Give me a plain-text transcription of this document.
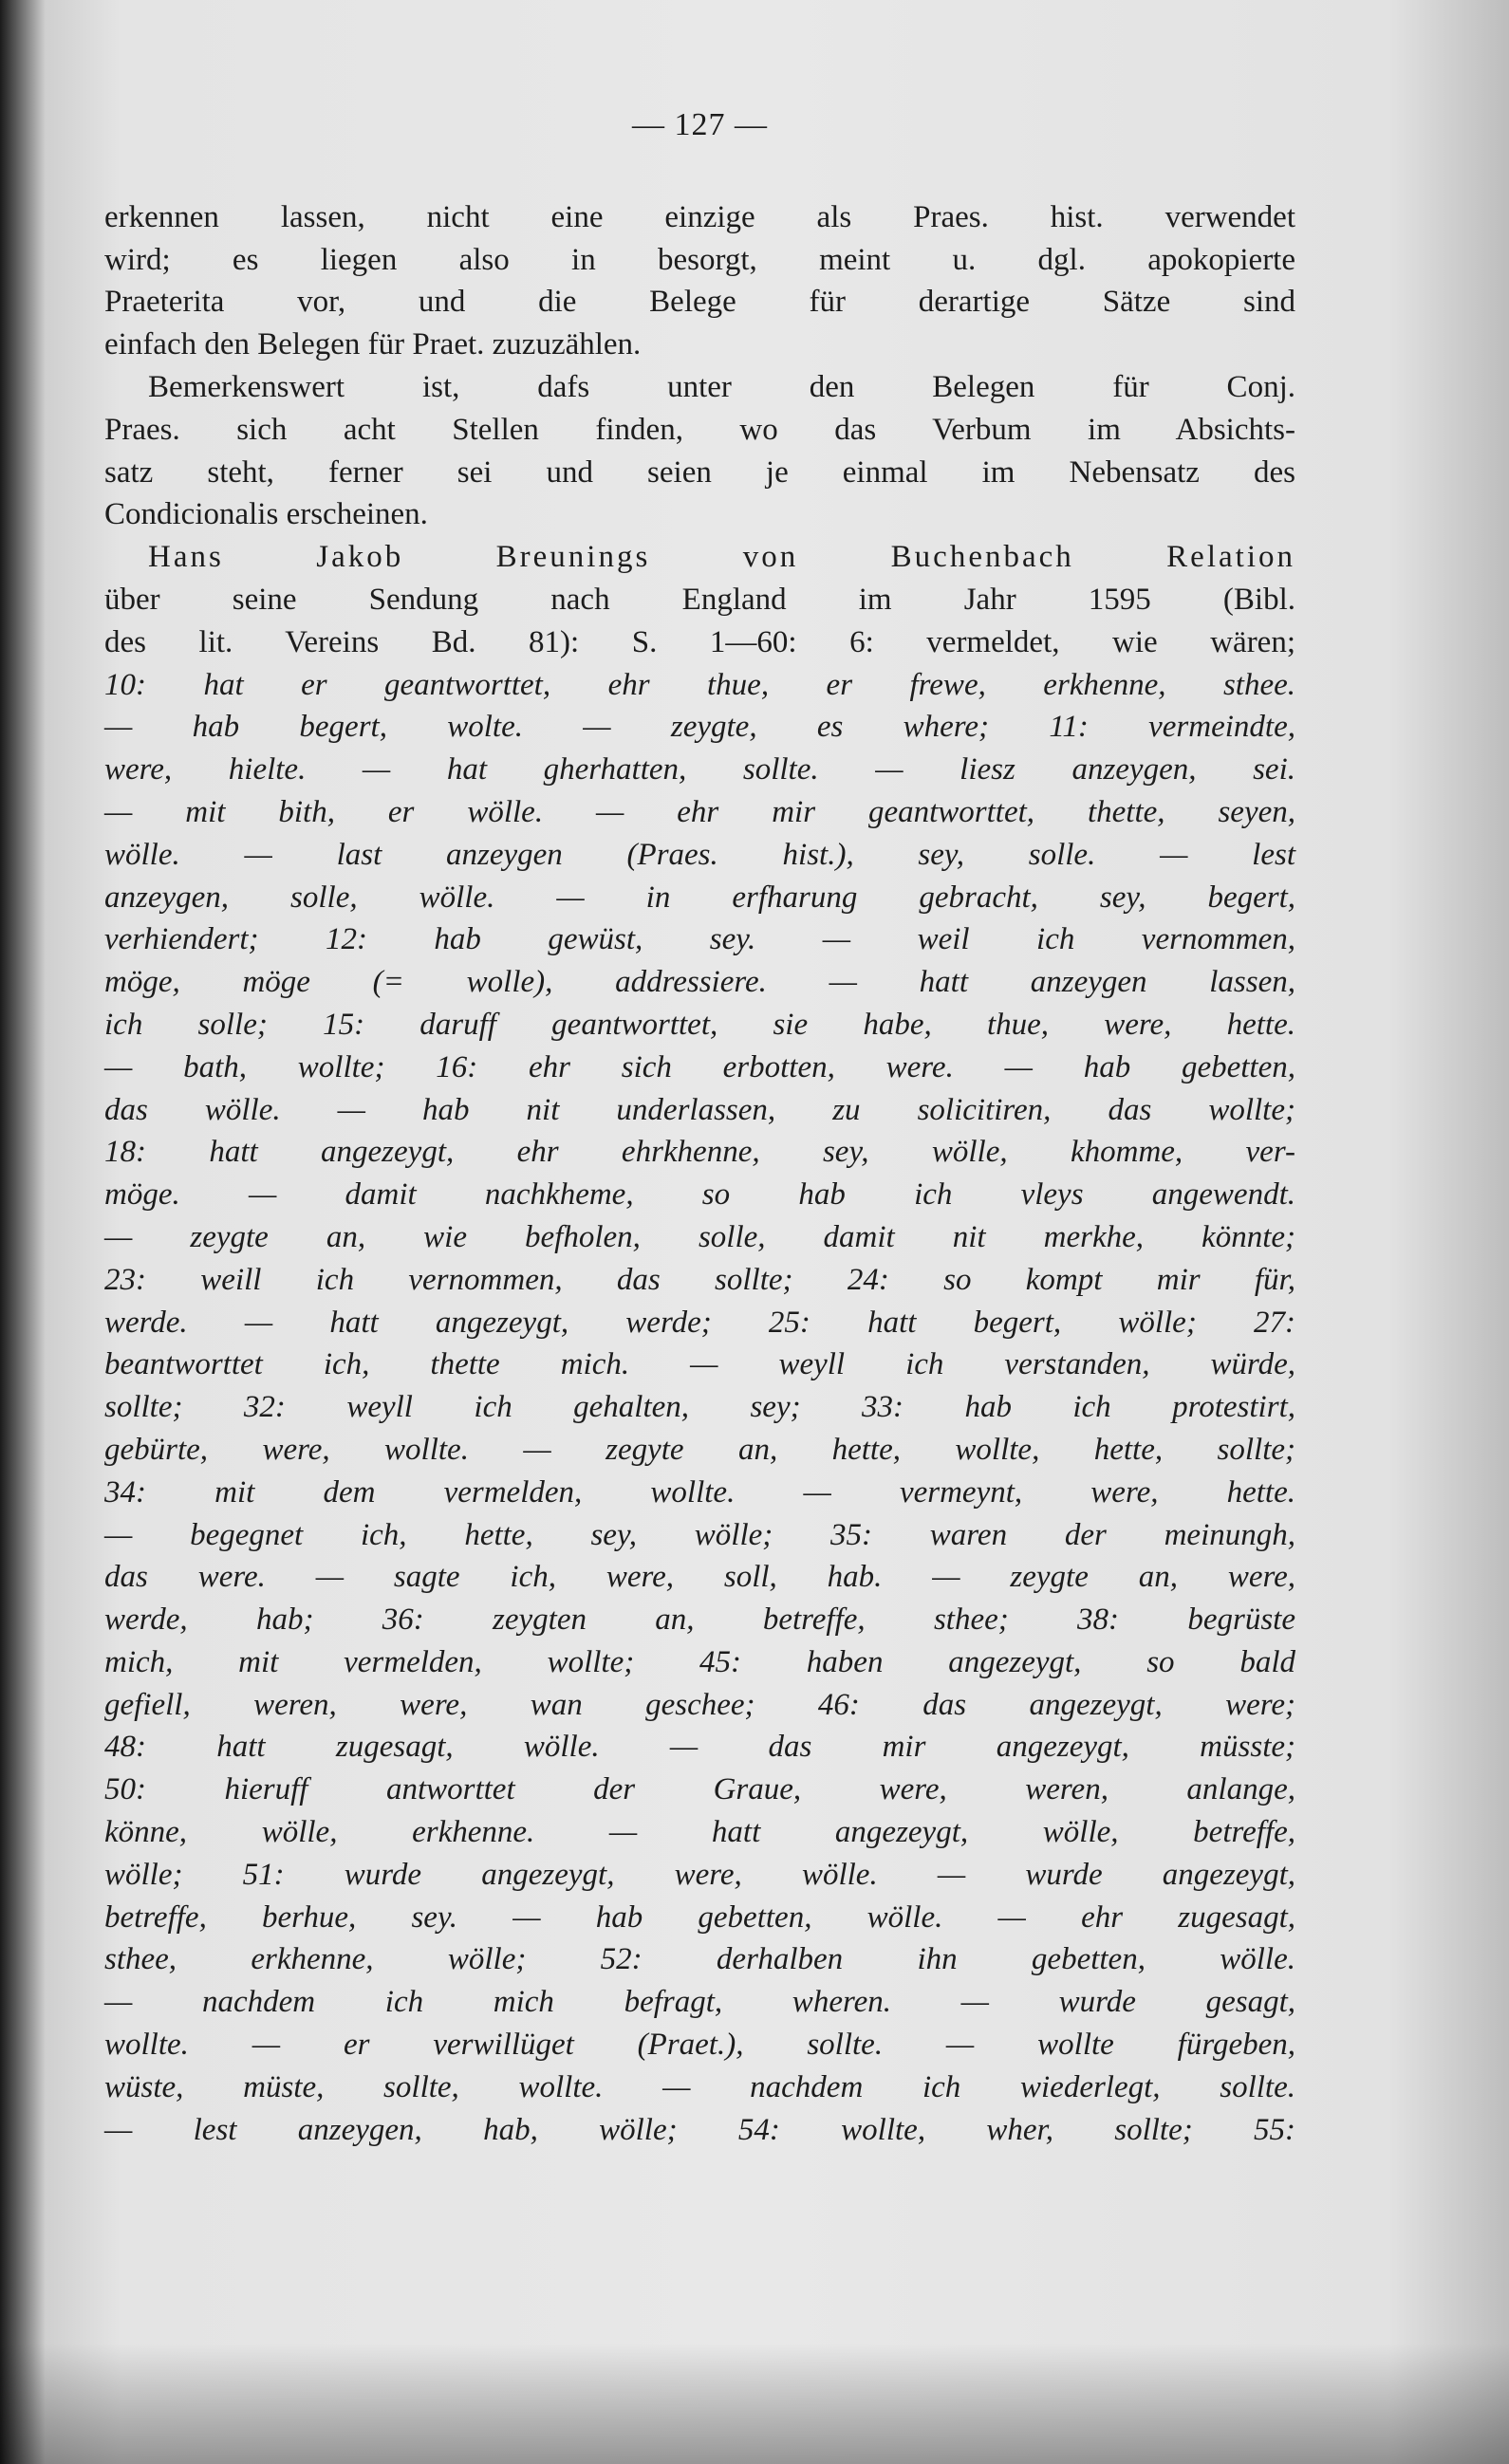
— 127 —
erkennen lassen, nicht eine einzige als Praes. hist. verwendet
wird; es liegen also in besorgt, meint u. dgl. apokopierte
Praeterita vor, und die Belege für derartige Sätze sind
einfach den Belegen für Praet. zuzuzählen.
Bemerkenswert ist, dafs unter den Belegen für Conj.
Praes. sich acht Stellen finden, wo das Verbum im Absichts-
satz steht, ferner sei und seien je einmal im Nebensatz des
Condicionalis erscheinen.
Hans Jakob Breunings von Buchenbach Relation
über seine Sendung nach England im Jahr 1595 (Bibl.
des lit. Vereins Bd. 81): S. 1—60: 6: vermeldet, wie wären;
10: hat er geantworttet, ehr thue, er frewe, erkhenne, sthee.
— hab begert, wolte. — zeygte, es where; 11: vermeindte,
were, hielte. — hat gherhatten, sollte. — liesz anzeygen, sei.
— mit bith, er wölle. — ehr mir geantworttet, thette, seyen,
wölle. — last anzeygen (Praes. hist.), sey, solle. — lest
anzeygen, solle, wölle. — in erfharung gebracht, sey, begert,
verhiendert; 12: hab gewüst, sey. — weil ich vernommen,
möge, möge (= wolle), addressiere. — hatt anzeygen lassen,
ich solle; 15: daruff geantworttet, sie habe, thue, were, hette.
— bath, wollte; 16: ehr sich erbotten, were. — hab gebetten,
das wölle. — hab nit underlassen, zu solicitiren, das wollte;
18: hatt angezeygt, ehr ehrkhenne, sey, wölle, khomme, ver-
möge. — damit nachkheme, so hab ich vleys angewendt.
— zeygte an, wie befholen, solle, damit nit merkhe, könnte;
23: weill ich vernommen, das sollte; 24: so kompt mir für,
werde. — hatt angezeygt, werde; 25: hatt begert, wölle; 27:
beantworttet ich, thette mich. — weyll ich verstanden, würde,
sollte; 32: weyll ich gehalten, sey; 33: hab ich protestirt,
gebürte, were, wollte. — zegyte an, hette, wollte, hette, sollte;
34: mit dem vermelden, wollte. — vermeynt, were, hette.
— begegnet ich, hette, sey, wölle; 35: waren der meinungh,
das were. — sagte ich, were, soll, hab. — zeygte an, were,
werde, hab; 36: zeygten an, betreffe, sthee; 38: begrüste
mich, mit vermelden, wollte; 45: haben angezeygt, so bald
gefiell, weren, were, wan geschee; 46: das angezeygt, were;
48: hatt zugesagt, wölle. — das mir angezeygt, müsste;
50: hieruff antworttet der Graue, were, weren, anlange,
könne, wölle, erkhenne. — hatt angezeygt, wölle, betreffe,
wölle; 51: wurde angezeygt, were, wölle. — wurde angezeygt,
betreffe, berhue, sey. — hab gebetten, wölle. — ehr zugesagt,
sthee, erkhenne, wölle; 52: derhalben ihn gebetten, wölle.
— nachdem ich mich befragt, wheren. — wurde gesagt,
wollte. — er verwillüget (Praet.), sollte. — wollte fürgeben,
wüste, müste, sollte, wollte. — nachdem ich wiederlegt, sollte.
— lest anzeygen, hab, wölle; 54: wollte, wher, sollte; 55:
